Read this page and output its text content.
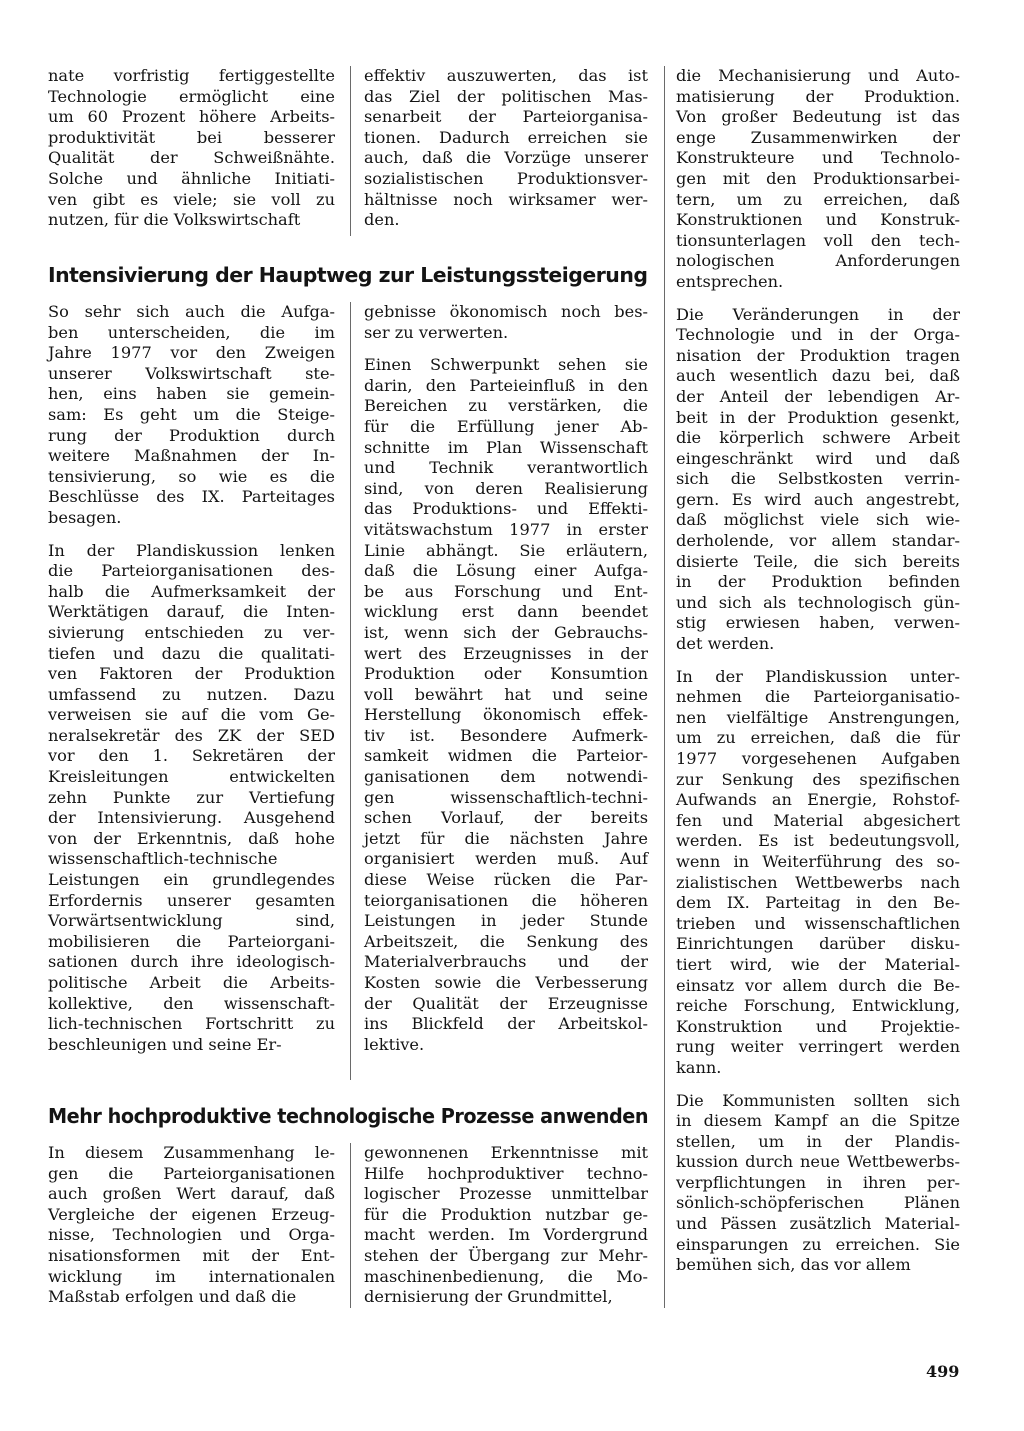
nate vorfristig fertiggestellte
Technologie ermöglicht eine
um 60 Prozent höhere Arbeits-
produktivität bei besserer
Qualität der Schweißnähte.
Solche und ähnliche Initiati-
ven gibt es viele; sie voll zu
nutzen, für die Volkswirtschaft

effektiv auszuwerten, das ist
das Ziel der politischen Mas-
senarbeit der Parteiorganisa-
tionen. Dadurch erreichen sie
auch, daß die Vorzüge unserer
sozialistischen Produktionsver-
hältnisse noch wirksamer wer-
den.

Intensivierung der Hauptweg zur Leistungssteigerung

So sehr sich auch die Aufga-
ben unterscheiden, die im
Jahre 1977 vor den Zweigen
unserer Volkswirtschaft ste-
hen, eins haben sie gemein-
sam: Es geht um die Steige-
rung der Produktion durch
weitere Maßnahmen der In-
tensivierung, so wie es die
Beschlüsse des IX. Parteitages
besagen.

In der Plandiskussion lenken
die Parteiorganisationen des-
halb die Aufmerksamkeit der
Werktätigen darauf, die Inten-
sivierung entschieden zu ver-
tiefen und dazu die qualitati-
ven Faktoren der Produktion
umfassend zu nutzen. Dazu
verweisen sie auf die vom Ge-
neralsekretär des ZK der SED
vor den 1. Sekretären der
Kreisleitungen entwickelten
zehn Punkte zur Vertiefung
der Intensivierung. Ausgehend
von der Erkenntnis, daß hohe
wissenschaftlich-technische
Leistungen ein grundlegendes
Erfordernis unserer gesamten
Vorwärtsentwicklung sind,
mobilisieren die Parteiorgani-
sationen durch ihre ideologisch-
politische Arbeit die Arbeits-
kollektive, den wissenschaft-
lich-technischen Fortschritt zu
beschleunigen und seine Er-

gebnisse ökonomisch noch bes-
ser zu verwerten.

Einen Schwerpunkt sehen sie
darin, den Parteieinfluß in den
Bereichen zu verstärken, die
für die Erfüllung jener Ab-
schnitte im Plan Wissenschaft
und Technik verantwortlich
sind, von deren Realisierung
das Produktions- und Effekti-
vitätswachstum 1977 in erster
Linie abhängt. Sie erläutern,
daß die Lösung einer Aufga-
be aus Forschung und Ent-
wicklung erst dann beendet
ist, wenn sich der Gebrauchs-
wert des Erzeugnisses in der
Produktion oder Konsumtion
voll bewährt hat und seine
Herstellung ökonomisch effek-
tiv ist. Besondere Aufmerk-
samkeit widmen die Parteior-
ganisationen dem notwendi-
gen wissenschaftlich-techni-
schen Vorlauf, der bereits
jetzt für die nächsten Jahre
organisiert werden muß. Auf
diese Weise rücken die Par-
teiorganisationen die höheren
Leistungen in jeder Stunde
Arbeitszeit, die Senkung des
Materialverbrauchs und der
Kosten sowie die Verbesserung
der Qualität der Erzeugnisse
ins Blickfeld der Arbeitskol-
lektive.

Mehr hochproduktive technologische Prozesse anwenden

In diesem Zusammenhang le-
gen die Parteiorganisationen
auch großen Wert darauf, daß
Vergleiche der eigenen Erzeug-
nisse, Technologien und Orga-
nisationsformen mit der Ent-
wicklung im internationalen
Maßstab erfolgen und daß die

gewonnenen Erkenntnisse mit
Hilfe hochproduktiver techno-
logischer Prozesse unmittelbar
für die Produktion nutzbar ge-
macht werden. Im Vordergrund
stehen der Übergang zur Mehr-
maschinenbedienung, die Mo-
dernisierung der Grundmittel,

die Mechanisierung und Auto-
matisierung der Produktion.
Von großer Bedeutung ist das
enge Zusammenwirken der
Konstrukteure und Technolo-
gen mit den Produktionsarbei-
tern, um zu erreichen, daß
Konstruktionen und Konstruk-
tionsunterlagen voll den tech-
nologischen Anforderungen
entsprechen.

Die Veränderungen in der
Technologie und in der Orga-
nisation der Produktion tragen
auch wesentlich dazu bei, daß
der Anteil der lebendigen Ar-
beit in der Produktion gesenkt,
die körperlich schwere Arbeit
eingeschränkt wird und daß
sich die Selbstkosten verrin-
gern. Es wird auch angestrebt,
daß möglichst viele sich wie-
derholende, vor allem standar-
disierte Teile, die sich bereits
in der Produktion befinden
und sich als technologisch gün-
stig erwiesen haben, verwen-
det werden.

In der Plandiskussion unter-
nehmen die Parteiorganisatio-
nen vielfältige Anstrengungen,
um zu erreichen, daß die für
1977 vorgesehenen Aufgaben
zur Senkung des spezifischen
Aufwands an Energie, Rohstof-
fen und Material abgesichert
werden. Es ist bedeutungsvoll,
wenn in Weiterführung des so-
zialistischen Wettbewerbs nach
dem IX. Parteitag in den Be-
trieben und wissenschaftlichen
Einrichtungen darüber disku-
tiert wird, wie der Material-
einsatz vor allem durch die Be-
reiche Forschung, Entwicklung,
Konstruktion und Projektie-
rung weiter verringert werden
kann.

Die Kommunisten sollten sich
in diesem Kampf an die Spitze
stellen, um in der Plandis-
kussion durch neue Wettbewerbs-
verpflichtungen in ihren per-
sönlich-schöpferischen Plänen
und Pässen zusätzlich Material-
einsparungen zu erreichen. Sie
bemühen sich, das vor allem

499
